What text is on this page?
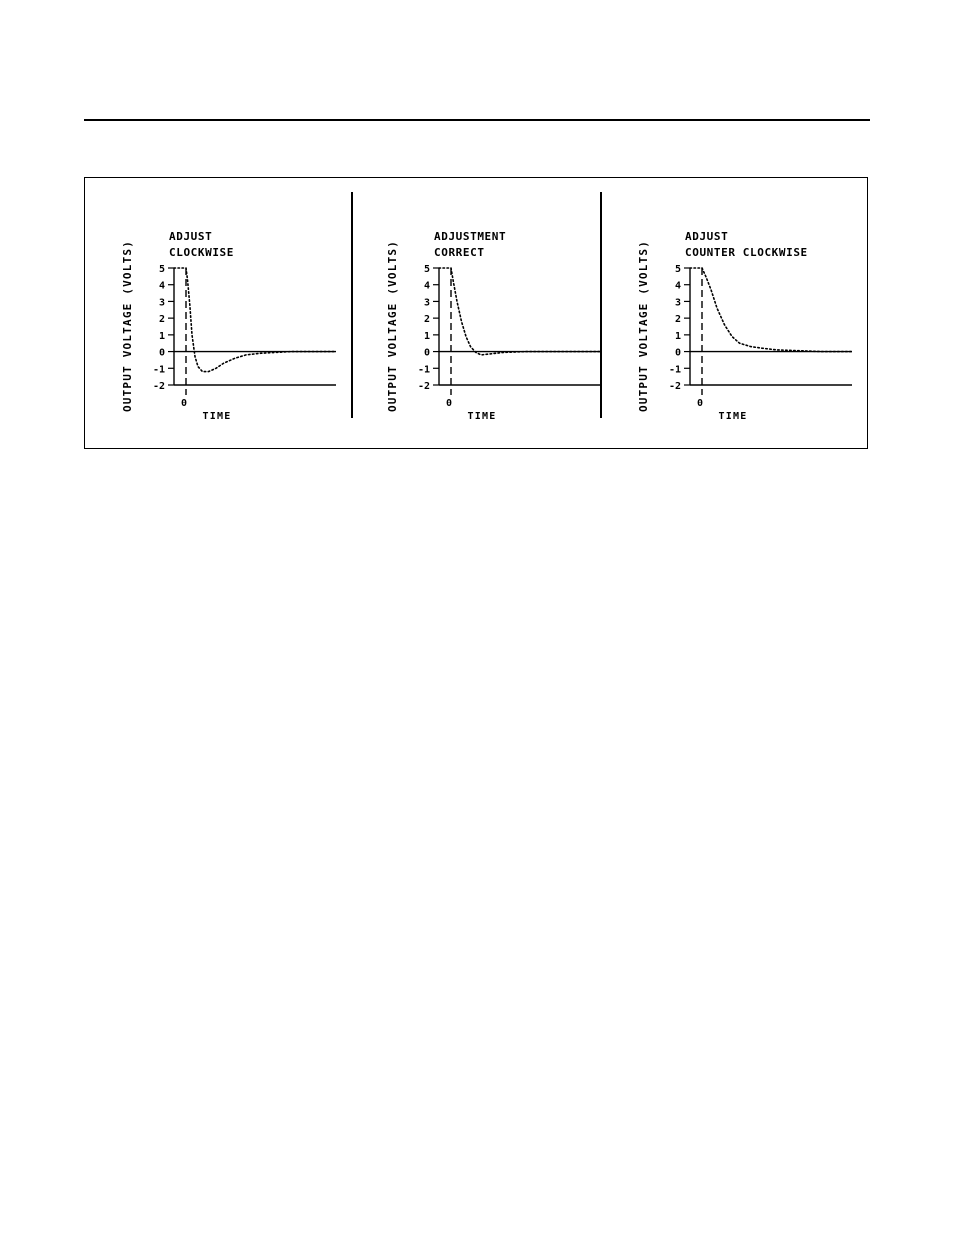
OUTPUT VOLTAGE (VOLTS)
ADJUST
CLOCKWISE
5
4
3
2
1
0
-1
-2
0
TIME
OUTPUT VOLTAGE (VOLTS)
ADJUSTMENT
CORRECT
5
4
3
2
1
0
-1
-2
0
TIME
OUTPUT VOLTAGE (VOLTS)
ADJUST
COUNTER CLOCKWISE
5
4
3
2
1
0
-1
-2
0
TIME
